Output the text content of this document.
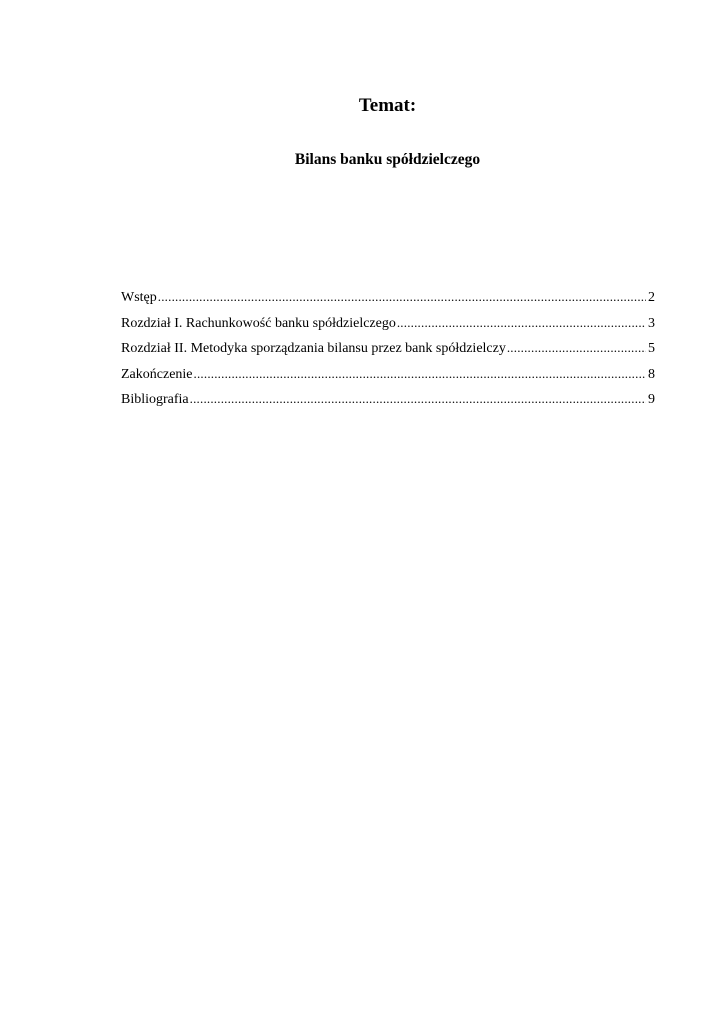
Temat:
Bilans banku spółdzielczego
Wstęp .....	2
Rozdział I. Rachunkowość banku spółdzielczego .....	3
Rozdział II. Metodyka sporządzania bilansu przez bank spółdzielczy .....	5
Zakończenie .....	8
Bibliografia .....	9
